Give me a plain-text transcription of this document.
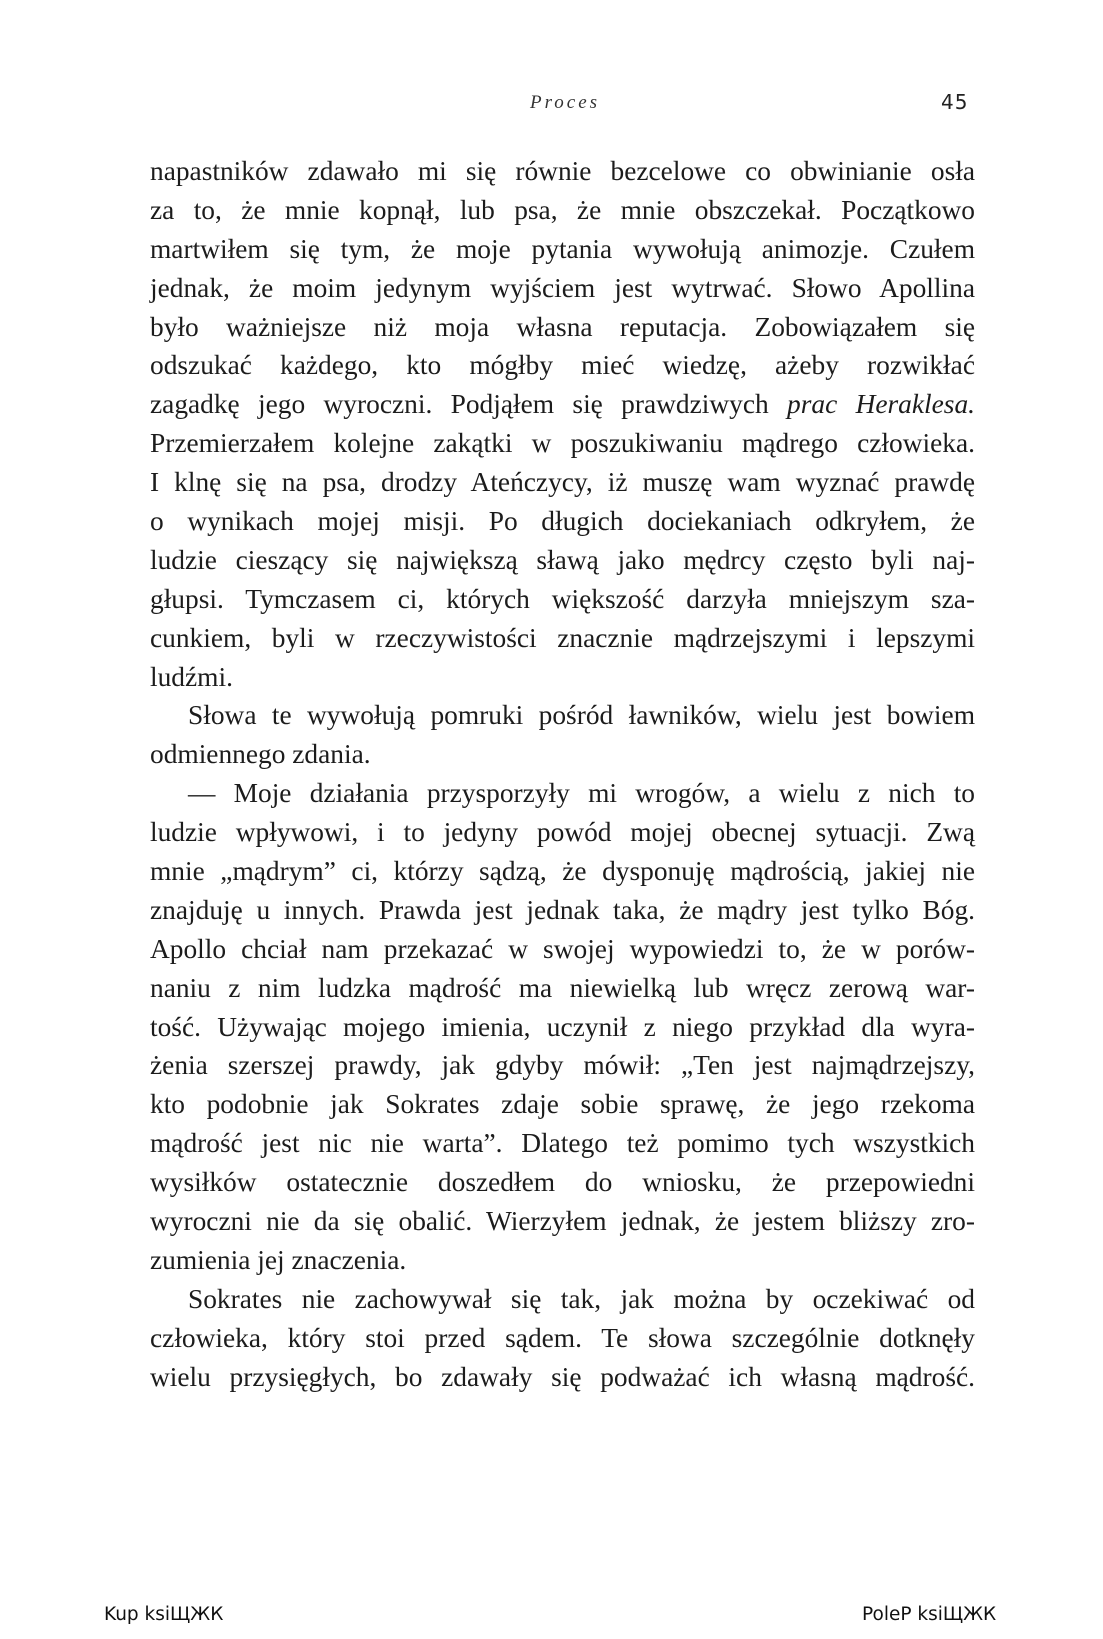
Proces	45
napastników zdawało mi się równie bezcelowe co obwinianie osła
za to, że mnie kopnął, lub psa, że mnie obszczekał. Początkowo
martwiłem się tym, że moje pytania wywołują animozje. Czułem
jednak, że moim jedynym wyjściem jest wytrwać. Słowo Apollina
było ważniejsze niż moja własna reputacja. Zobowiązałem się
odszukać każdego, kto mógłby mieć wiedzę, ażeby rozwikłać
zagadkę jego wyroczni. Podjąłem się prawdziwych prac Heraklesa.
Przemierzałem kolejne zakątki w poszukiwaniu mądrego człowieka.
I klnę się na psa, drodzy Ateńczycy, iż muszę wam wyznać prawdę
o wynikach mojej misji. Po długich dociekaniach odkryłem, że
ludzie cieszący się największą sławą jako mędrcy często byli naj-
głupsi. Tymczasem ci, których większość darzyła mniejszym sza-
cunkiem, byli w rzeczywistości znacznie mądrzejszymi i lepszymi
ludźmi.
Słowa te wywołują pomruki pośród ławników, wielu jest bowiem
odmiennego zdania.
— Moje działania przysporzyły mi wrogów, a wielu z nich to
ludzie wpływowi, i to jedyny powód mojej obecnej sytuacji. Zwą
mnie „mądrym” ci, którzy sądzą, że dysponuję mądrością, jakiej nie
znajduję u innych. Prawda jest jednak taka, że mądry jest tylko Bóg.
Apollo chciał nam przekazać w swojej wypowiedzi to, że w porów-
naniu z nim ludzka mądrość ma niewielką lub wręcz zerową war-
tość. Używając mojego imienia, uczynił z niego przykład dla wyra-
żenia szerszej prawdy, jak gdyby mówił: „Ten jest najmądrzejszy,
kto podobnie jak Sokrates zdaje sobie sprawę, że jego rzekoma
mądrość jest nic nie warta”. Dlatego też pomimo tych wszystkich
wysiłków ostatecznie doszedłem do wniosku, że przepowiedni
wyroczni nie da się obalić. Wierzyłem jednak, że jestem bliższy zro-
zumienia jej znaczenia.
Sokrates nie zachowywał się tak, jak można by oczekiwać od
człowieka, który stoi przed sądem. Te słowa szczególnie dotknęły
wielu przysięgłych, bo zdawały się podważać ich własną mądrość.
Kup ksiЩЖК	PoleP ksiЩЖК
